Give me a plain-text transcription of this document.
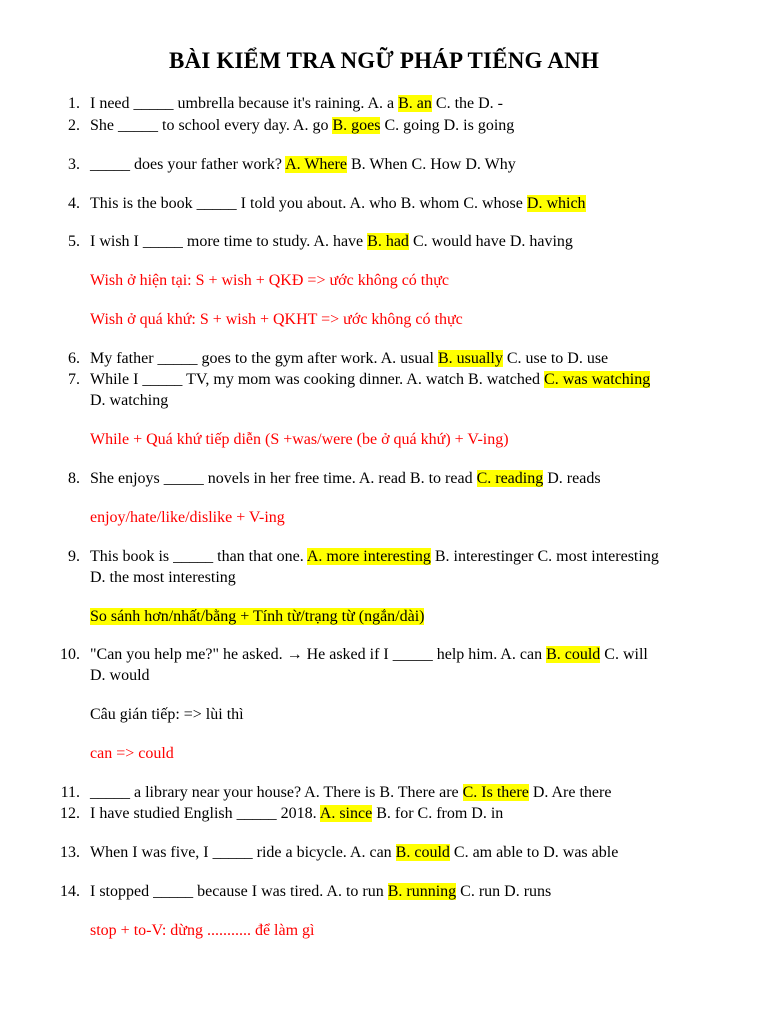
BÀI KIỂM TRA NGỮ PHÁP TIẾNG ANH
1. I need _____ umbrella because it's raining. A. a B. an C. the D. -
2. She _____ to school every day. A. go B. goes C. going D. is going
3. _____ does your father work? A. Where B. When C. How D. Why
4. This is the book _____ I told you about. A. who B. whom C. whose D. which
5. I wish I _____ more time to study. A. have B. had C. would have D. having
Wish ở hiện tại: S + wish + QKĐ => ước không có thực
Wish ở quá khứ: S + wish + QKHT => ước không có thực
6. My father _____ goes to the gym after work. A. usual B. usually C. use to D. use
7. While I _____ TV, my mom was cooking dinner. A. watch B. watched C. was watching
D. watching
While + Quá khứ tiếp diễn (S +was/were (be ở quá khứ) + V-ing)
8. She enjoys _____ novels in her free time. A. read B. to read C. reading D. reads
enjoy/hate/like/dislike + V-ing
9. This book is _____ than that one. A. more interesting B. interestinger C. most interesting
D. the most interesting
So sánh hơn/nhất/bằng + Tính từ/trạng từ (ngắn/dài)
10. "Can you help me?" he asked. → He asked if I _____ help him. A. can B. could C. will
D. would
Câu gián tiếp: => lùi thì
can => could
11. _____ a library near your house? A. There is B. There are C. Is there D. Are there
12. I have studied English _____ 2018. A. since B. for C. from D. in
13. When I was five, I _____ ride a bicycle. A. can B. could C. am able to D. was able
14. I stopped _____ because I was tired. A. to run B. running C. run D. runs
stop + to-V: dừng ........... để làm gì
